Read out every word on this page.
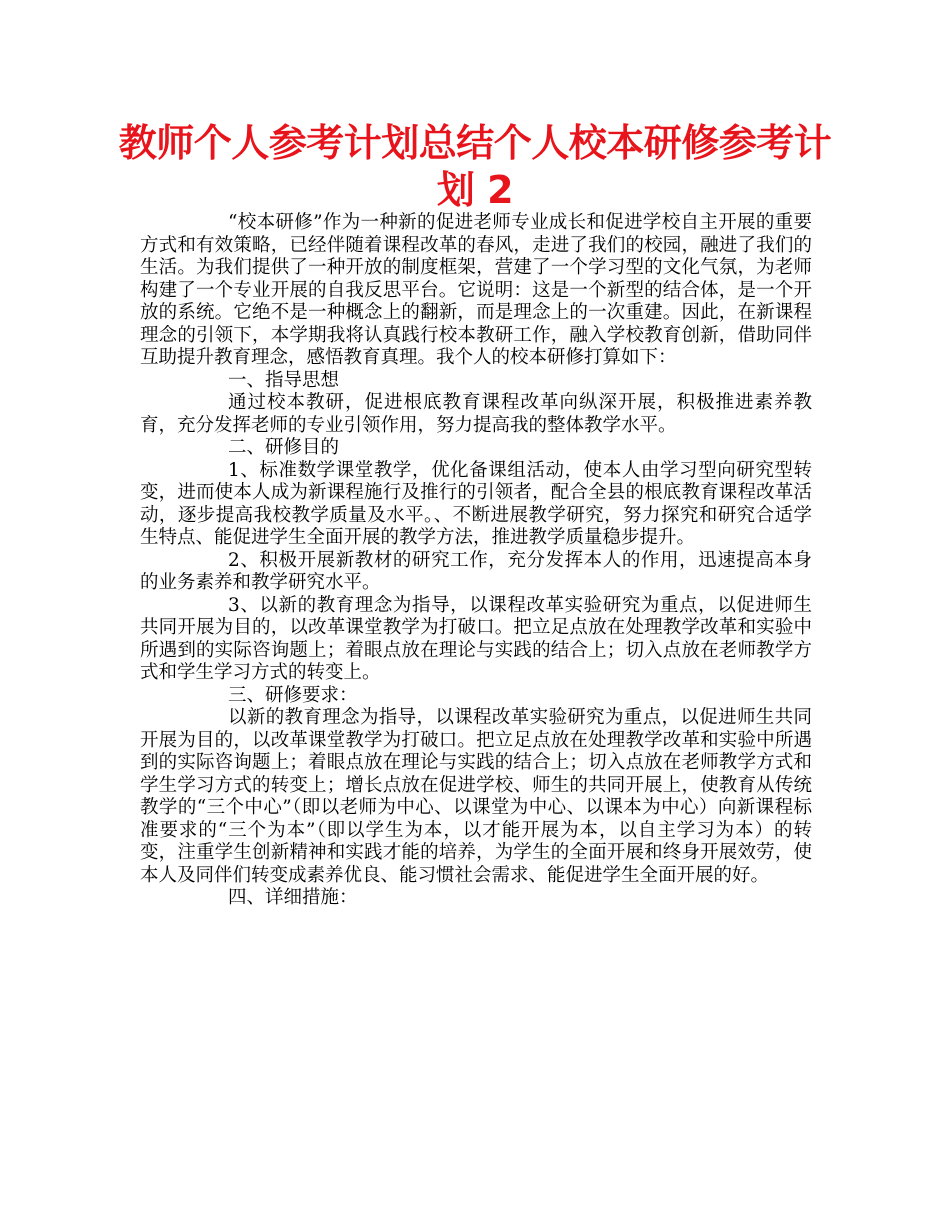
教师个人参考计划总结个人校本研修参考计划 2

“校本研修”作为一种新的促进老师专业成长和促进学校自主开展的重要方式和有效策略，已经伴随着课程改革的春风，走进了我们的校园，融进了我们的生活。为我们提供了一种开放的制度框架，营建了一个学习型的文化气氛，为老师构建了一个专业开展的自我反思平台。它说明：这是一个新型的结合体，是一个开放的系统。它绝不是一种概念上的翻新，而是理念上的一次重建。因此，在新课程理念的引领下，本学期我将认真践行校本教研工作，融入学校教育创新，借助同伴互助提升教育理念，感悟教育真理。我个人的校本研修打算如下：

一、指导思想

通过校本教研，促进根底教育课程改革向纵深开展，积极推进素养教育，充分发挥老师的专业引领作用，努力提高我的整体教学水平。

二、研修目的

1、标准数学课堂教学，优化备课组活动，使本人由学习型向研究型转变，进而使本人成为新课程施行及推行的引领者，配合全县的根底教育课程改革活动，逐步提高我校教学质量及水平。、不断进展教学研究，努力探究和研究合适学生特点、能促进学生全面开展的教学方法，推进教学质量稳步提升。

2、积极开展新教材的研究工作，充分发挥本人的作用，迅速提高本身的业务素养和教学研究水平。

3、以新的教育理念为指导，以课程改革实验研究为重点，以促进师生共同开展为目的，以改革课堂教学为打破口。把立足点放在处理教学改革和实验中所遇到的实际咨询题上；着眼点放在理论与实践的结合上；切入点放在老师教学方式和学生学习方式的转变上。

三、研修要求：

以新的教育理念为指导，以课程改革实验研究为重点，以促进师生共同开展为目的，以改革课堂教学为打破口。把立足点放在处理教学改革和实验中所遇到的实际咨询题上；着眼点放在理论与实践的结合上；切入点放在老师教学方式和学生学习方式的转变上；增长点放在促进学校、师生的共同开展上，使教育从传统教学的“三个中心”（即以老师为中心、以课堂为中心、以课本为中心）向新课程标准要求的“三个为本”（即以学生为本，以才能开展为本，以自主学习为本）的转变，注重学生创新精神和实践才能的培养，为学生的全面开展和终身开展效劳，使本人及同伴们转变成素养优良、能习惯社会需求、能促进学生全面开展的好。

四、详细措施：
